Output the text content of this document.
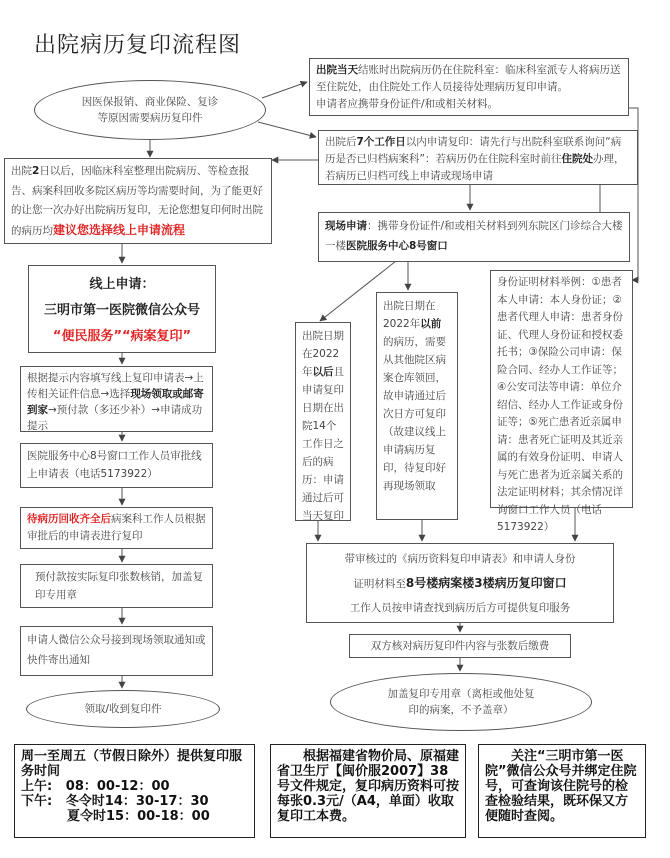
出院病历复印流程图
因医保报销、商业保险、复诊
等原因需要病历复印件
出院当天结账时出院病历仍在住院科室：临床科室派专人将病历送至住院处，由住院处工作人员接待处理病历复印申请。
申请者应携带身份证件/和或相关材料。
出院后7个工作日以内申请复印：请先行与出院科室联系询问“病历是否已归档病案科”：若病历仍在住院科室时前往住院处办理，若病历已归档可线上申请或现场申请
出院2日以后，因临床科室整理出院病历、等检查报告、病案科回收多院区病历等均需要时间，为了能更好的让您一次办好出院病历复印，无论您想复印何时出院的病历均建议您选择线上申请流程	现场申请：携带身份证件/和或相关材料到列东院区门诊综合大楼一楼医院服务中心8号窗口
线上申请：
三明市第一医院微信公众号
“便民服务”“病案复印”
根据提示内容填写线上复印申请表→上传相关证件信息→选择现场领取或邮寄到家→预付款（多还少补）→申请成功提示
医院服务中心8号窗口工作人员审批线上申请表（电话5173922）
待病历回收齐全后病案科工作人员根据审批后的申请表进行复印
预付款按实际复印张数核销，加盖复印专用章
申请人微信公众号接到现场领取通知或快件寄出通知
领取/收到复印件
出院日期在2022年以后且申请复印日期在出院14个工作日之后的病历：申请通过后可当天复印
出院日期在2022年以前的病历，需要从其他院区病案仓库领回，故申请通过后次日方可复印（故建议线上申请病历复印，待复印好再现场领取
身份证明材料举例：①患者本人申请：本人身份证；②患者代理人申请：患者身份证、代理人身份证和授权委托书；③保险公司申请：保险合同、经办人工作证等；④公安司法等申请：单位介绍信、经办人工作证或身份证等；⑤死亡患者近亲属申请：患者死亡证明及其近亲属的有效身份证明、申请人与死亡患者为近亲属关系的法定证明材料；其余情况详询窗口工作人员（电话5173922）
带审核过的《病历资料复印申请表》和申请人身份
证明材料至8号楼病案楼3楼病历复印窗口
工作人员按申请查找到病历后方可提供复印服务
双方核对病历复印件内容与张数后缴费
加盖复印专用章（离柜或他处复
印的病案，不予盖章）
周一至周五（节假日除外）提供复印服务时间
上午: 08：00-12：00
下午: 冬令时14：30-17：30
夏令时15：00-18：00
根据福建省物价局、原福建省卫生厅【闽价服2007】38号文件规定，复印病历资料可按每张0.3元/（A4，单面）收取复印工本费。
关注“三明市第一医院”微信公众号并绑定住院号，可查询该住院号的检查检验结果，既环保又方便随时查阅。
